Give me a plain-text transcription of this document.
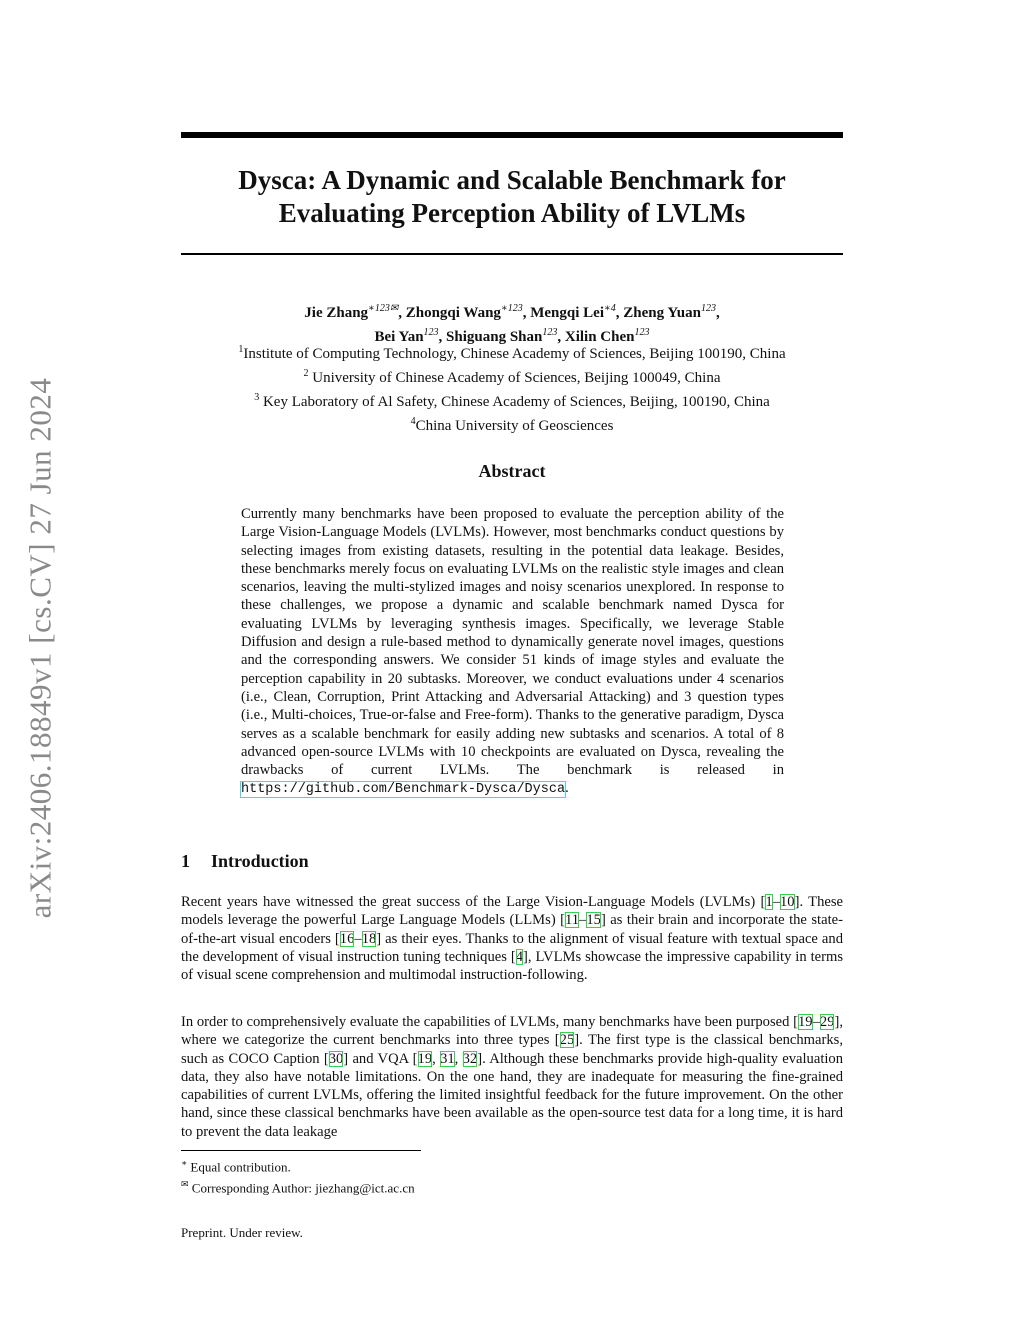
arXiv:2406.18849v1 [cs.CV] 27 Jun 2024
Dysca: A Dynamic and Scalable Benchmark for
Evaluating Perception Ability of LVLMs
Jie Zhang$^{∗123✉}$, Zhongqi Wang$^{∗123}$, Mengqi Lei$^{∗4}$, Zheng Yuan$^{123}$,
Bei Yan$^{123}$, Shiguang Shan$^{123}$, Xilin Chen$^{123}$
$^1$Institute of Computing Technology, Chinese Academy of Sciences, Beijing 100190, China
$^2$ University of Chinese Academy of Sciences, Beijing 100049, China
$^3$ Key Laboratory of Al Safety, Chinese Academy of Sciences, Beijing, 100190, China
$^4$China University of Geosciences
Abstract

Currently many benchmarks have been proposed to evaluate the perception ability of the Large Vision-Language Models (LVLMs). However, most benchmarks conduct questions by selecting images from existing datasets, resulting in the potential data leakage. Besides, these benchmarks merely focus on evaluating LVLMs on the realistic style images and clean scenarios, leaving the multi-stylized images and noisy scenarios unexplored. In response to these challenges, we propose a dynamic and scalable benchmark named Dysca for evaluating LVLMs by leveraging synthesis images. Specifically, we leverage Stable Diffusion and design a rule-based method to dynamically generate novel images, questions and the corresponding answers. We consider 51 kinds of image styles and evaluate the perception capability in 20 subtasks. Moreover, we conduct evaluations under 4 scenarios (i.e., Clean, Corruption, Print Attacking and Adversarial Attacking) and 3 question types (i.e., Multi-choices, True-or-false and Free-form). Thanks to the generative paradigm, Dysca serves as a scalable benchmark for easily adding new subtasks and scenarios. A total of 8 advanced open-source LVLMs with 10 checkpoints are evaluated on Dysca, revealing the drawbacks of current LVLMs. The benchmark is released in https://github.com/Benchmark-Dysca/Dysca.

1 Introduction

Recent years have witnessed the great success of the Large Vision-Language Models (LVLMs) [1–10]. These models leverage the powerful Large Language Models (LLMs) [11–15] as their brain and incorporate the state-of-the-art visual encoders [16–18] as their eyes. Thanks to the alignment of visual feature with textual space and the development of visual instruction tuning techniques [4], LVLMs showcase the impressive capability in terms of visual scene comprehension and multimodal instruction-following.

In order to comprehensively evaluate the capabilities of LVLMs, many benchmarks have been purposed [19–29], where we categorize the current benchmarks into three types [25]. The first type is the classical benchmarks, such as COCO Caption [30] and VQA [19, 31, 32]. Although these benchmarks provide high-quality evaluation data, they also have notable limitations. On the one hand, they are inadequate for measuring the fine-grained capabilities of current LVLMs, offering the limited insightful feedback for the future improvement. On the other hand, since these classical benchmarks have been available as the open-source test data for a long time, it is hard to prevent the data leakage

∗ Equal contribution.
✉ Corresponding Author: jiezhang@ict.ac.cn
Preprint. Under review.
